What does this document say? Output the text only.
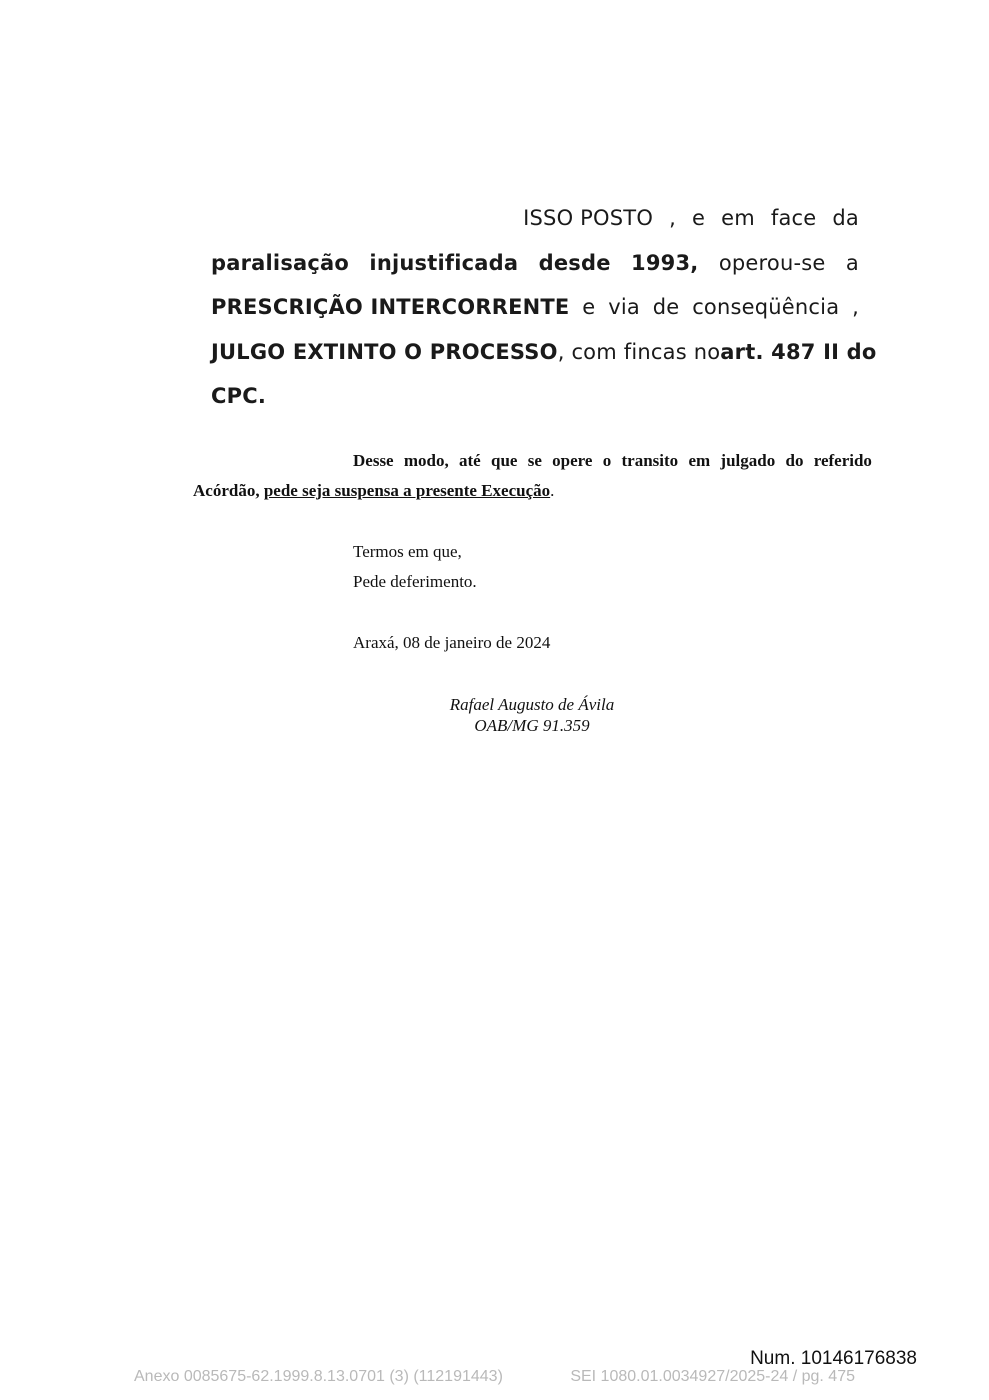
ISSO POSTO , e em face da
paralisação injustificada desde 1993, operou-se a
PRESCRIÇÃO INTERCORRENTE e via de conseqüência ,
JULGO EXTINTO O PROCESSO , com fincas no art. 487 II do
CPC.
Desse modo, até que se opere o transito em julgado do referido
Acórdão, pede seja suspensa a presente Execução.
Termos em que,
Pede deferimento.
Araxá, 08 de janeiro de 2024
Rafael Augusto de Ávila
OAB/MG 91.359
Num. 10146176838
Anexo 0085675-62.1999.8.13.0701 (3) (112191443)	SEI 1080.01.0034927/2025-24 / pg. 475
